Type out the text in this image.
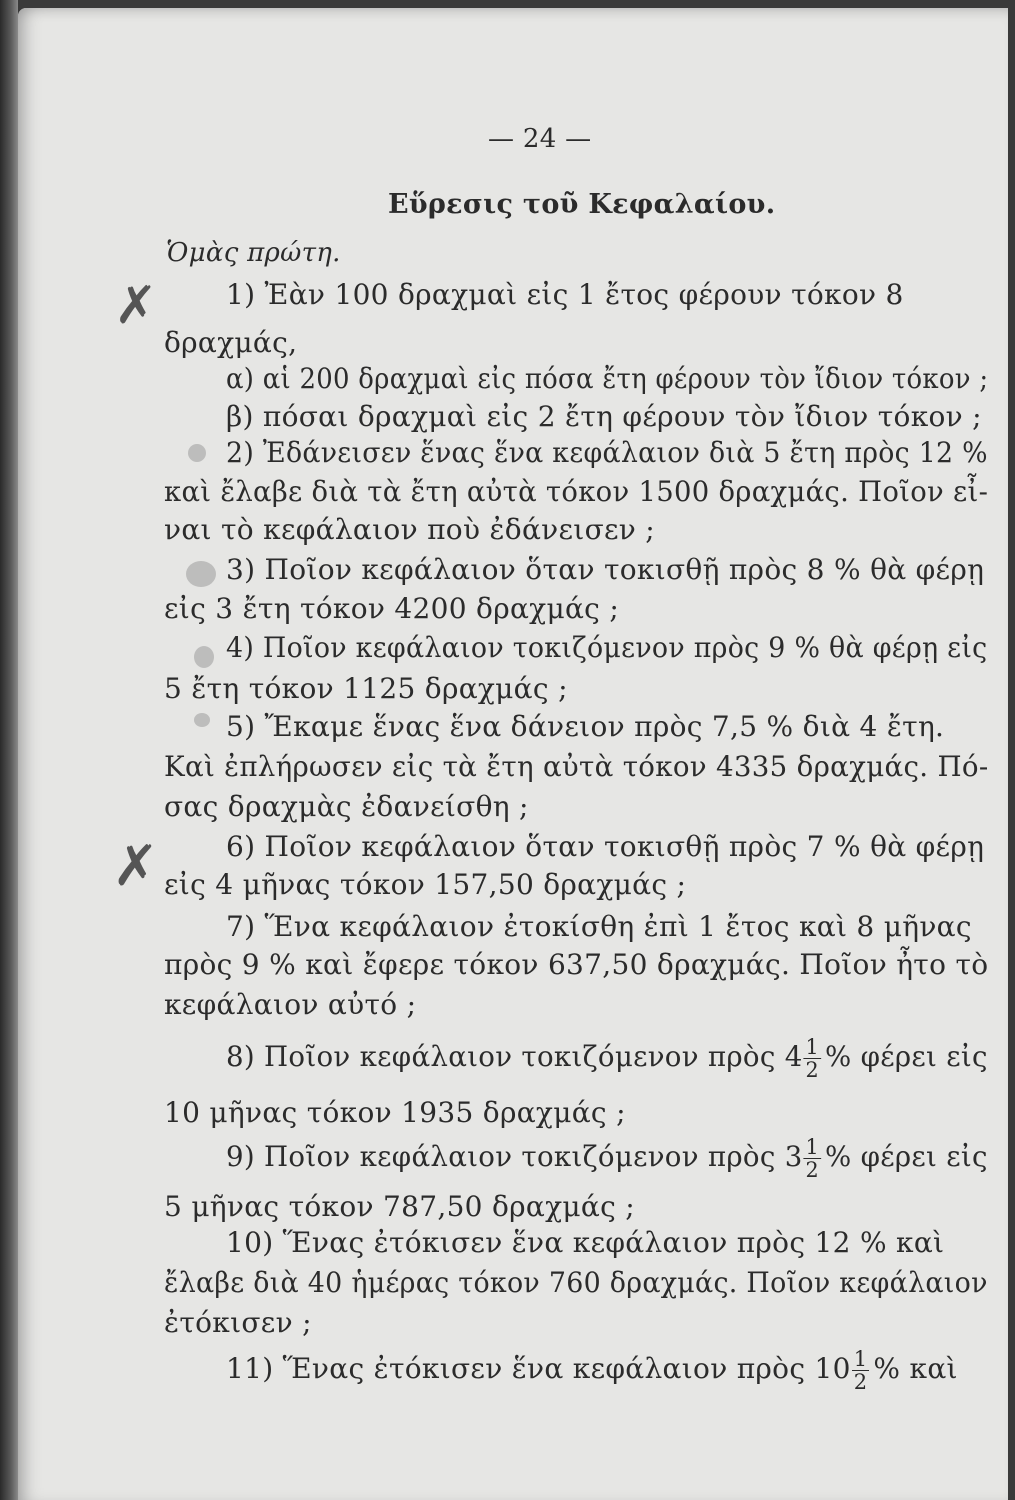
— 24 —
Εὕρεσις τοῦ Κεφαλαίου.
Ὁμὰς πρώτη.
✗
✗
1) Ἐὰν 100 δραχμαὶ εἰς 1 ἔτος φέρουν τόκον 8
δραχμάς,
α) αἱ 200 δραχμαὶ εἰς πόσα ἔτη φέρουν τὸν ἴδιον τόκον ;
β) πόσαι δραχμαὶ εἰς 2 ἔτη φέρουν τὸν ἴδιον τόκον ;
2) Ἐδάνεισεν ἕνας ἕνα κεφάλαιον διὰ 5 ἔτη πρὸς 12 %
καὶ ἔλαβε διὰ τὰ ἔτη αὐτὰ τόκον 1500 δραχμάς. Ποῖον εἶ-
ναι τὸ κεφάλαιον ποὺ ἐδάνεισεν ;
3) Ποῖον κεφάλαιον ὅταν τοκισθῇ πρὸς 8 % θὰ φέρῃ
εἰς 3 ἔτη τόκον 4200 δραχμάς ;
4) Ποῖον κεφάλαιον τοκιζόμενον πρὸς 9 % θὰ φέρῃ εἰς
5 ἔτη τόκον 1125 δραχμάς ;
5) Ἔκαμε ἕνας ἕνα δάνειον πρὸς 7,5 % διὰ 4 ἔτη.
Καὶ ἐπλήρωσεν εἰς τὰ ἔτη αὐτὰ τόκον 4335 δραχμάς. Πό-
σας δραχμὰς ἐδανείσθη ;
6) Ποῖον κεφάλαιον ὅταν τοκισθῇ πρὸς 7 % θὰ φέρῃ
εἰς 4 μῆνας τόκον 157,50 δραχμάς ;
7) Ἕνα κεφάλαιον ἐτοκίσθη ἐπὶ 1 ἔτος καὶ 8 μῆνας
πρὸς 9 % καὶ ἔφερε τόκον 637,50 δραχμάς. Ποῖον ἦτο τὸ
κεφάλαιον αὐτό ;
8) Ποῖον κεφάλαιον τοκιζόμενον πρὸς $4 \frac{1}{2}$ % φέρει εἰς
10 μῆνας τόκον 1935 δραχμάς ;
9) Ποῖον κεφάλαιον τοκιζόμενον πρὸς $3 \frac{1}{2}$ % φέρει εἰς
5 μῆνας τόκον 787,50 δραχμάς ;
10) Ἕνας ἐτόκισεν ἕνα κεφάλαιον πρὸς 12 % καὶ
ἔλαβε διὰ 40 ἡμέρας τόκον 760 δραχμάς. Ποῖον κεφάλαιον
ἐτόκισεν ;
11) Ἕνας ἐτόκισεν ἕνα κεφάλαιον πρὸς $10 \frac{1}{2}$ % καὶ
